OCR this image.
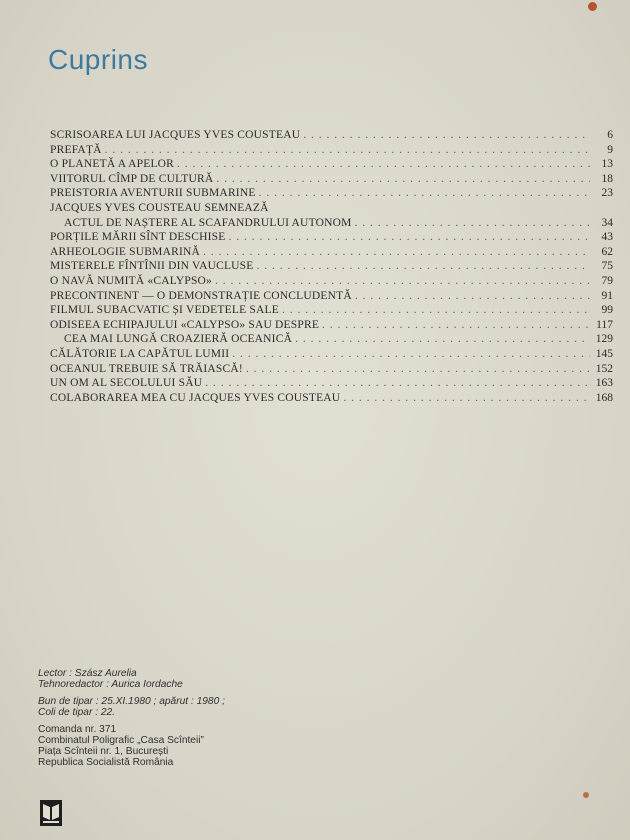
Cuprins
SCRISOAREA LUI JACQUES YVES COUSTEAU . . .	6
PREFAȚĂ . . .	9
O PLANETĂ A APELOR . . .	13
VIITORUL CÎMP DE CULTURĂ . . .	18
PREISTORIA AVENTURII SUBMARINE . . .	23
JACQUES YVES COUSTEAU SEMNEAZĂ
ACTUL DE NAȘTERE AL SCAFANDRULUI AUTONOM . . .	34
PORȚILE MĂRII SÎNT DESCHISE . . .	43
ARHEOLOGIE SUBMARINĂ . . .	62
MISTERELE FÎNTÎNII DIN VAUCLUSE . . .	75
O NAVĂ NUMITĂ «CALYPSO» . . .	79
PRECONTINENT — O DEMONSTRAȚIE CONCLUDENTĂ . . .	91
FILMUL SUBACVATIC ȘI VEDETELE SALE . . .	99
ODISEEA ECHIPAJULUI «CALYPSO» SAU DESPRE . . .	117
CEA MAI LUNGĂ CROAZIERĂ OCEANICĂ . . .	129
CĂLĂTORIE LA CAPĂTUL LUMII . . .	145
OCEANUL TREBUIE SĂ TRĂIASCĂ! . . .	152
UN OM AL SECOLULUI SĂU . . .	163
COLABORAREA MEA CU JACQUES YVES COUSTEAU . . .	168
Lector : Szász Aurelia
Tehnoredactor : Aurica Iordache
Bun de tipar : 25.XI.1980 ; apărut : 1980 ;
Coli de tipar : 22.
Comanda nr. 371
Combinatul Poligrafic „Casa Scînteii”
Piața Scînteii nr. 1, București
Republica Socialistă România
